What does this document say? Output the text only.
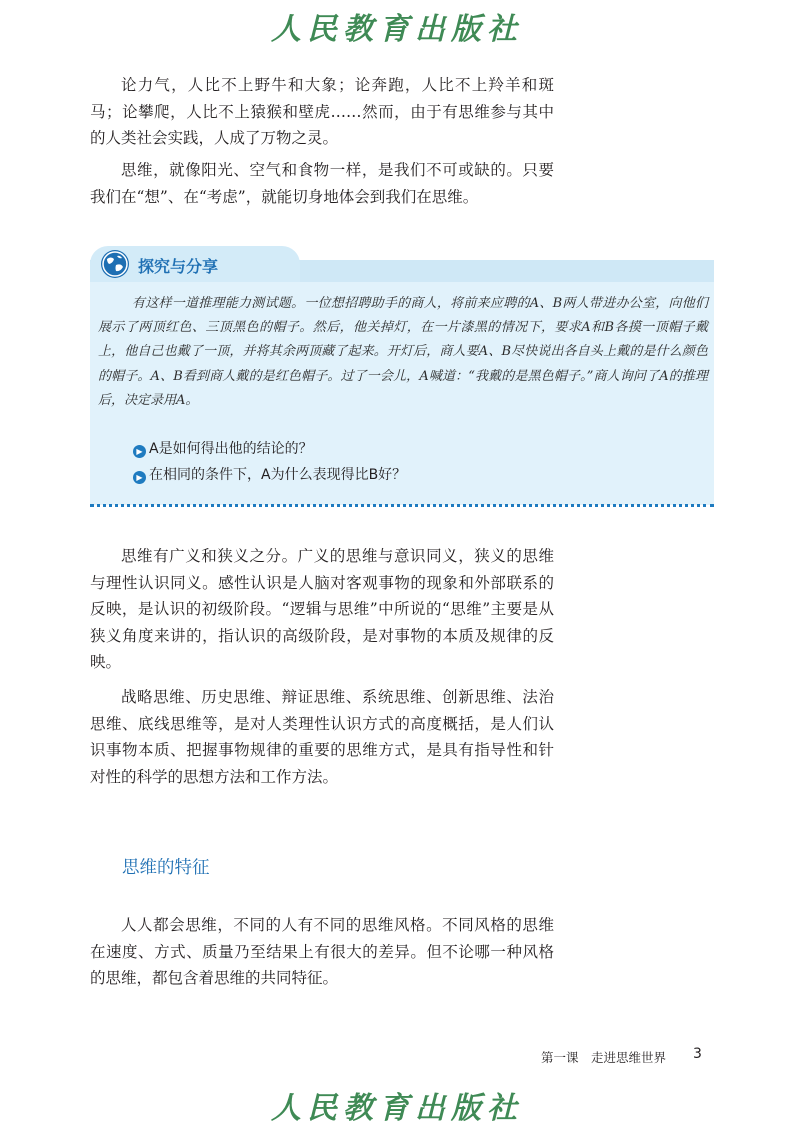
人民教育出版社

论力气，人比不上野牛和大象；论奔跑，人比不上羚羊和斑马；论攀爬，人比不上猿猴和壁虎……然而，由于有思维参与其中的人类社会实践，人成了万物之灵。

思维，就像阳光、空气和食物一样，是我们不可或缺的。只要我们在“想”、在“考虑”，就能切身地体会到我们在思维。

探究与分享

有这样一道推理能力测试题。一位想招聘助手的商人，将前来应聘的A、B两人带进办公室，向他们展示了两顶红色、三顶黑色的帽子。然后，他关掉灯，在一片漆黑的情况下，要求A和B各摸一顶帽子戴上，他自己也戴了一顶，并将其余两顶藏了起来。开灯后，商人要A、B尽快说出各自头上戴的是什么颜色的帽子。A、B看到商人戴的是红色帽子。过了一会儿，A喊道：“我戴的是黑色帽子。”商人询问了A的推理后，决定录用A。

▶ A是如何得出他的结论的？
▶ 在相同的条件下，A为什么表现得比B好？

思维有广义和狭义之分。广义的思维与意识同义，狭义的思维与理性认识同义。感性认识是人脑对客观事物的现象和外部联系的反映，是认识的初级阶段。“逻辑与思维”中所说的“思维”主要是从狭义角度来讲的，指认识的高级阶段，是对事物的本质及规律的反映。

战略思维、历史思维、辩证思维、系统思维、创新思维、法治思维、底线思维等，是对人类理性认识方式的高度概括，是人们认识事物本质、把握事物规律的重要的思维方式，是具有指导性和针对性的科学的思想方法和工作方法。

思维的特征

人人都会思维，不同的人有不同的思维风格。不同风格的思维在速度、方式、质量乃至结果上有很大的差异。但不论哪一种风格的思维，都包含着思维的共同特征。

第一课　走进思维世界 3
人民教育出版社
